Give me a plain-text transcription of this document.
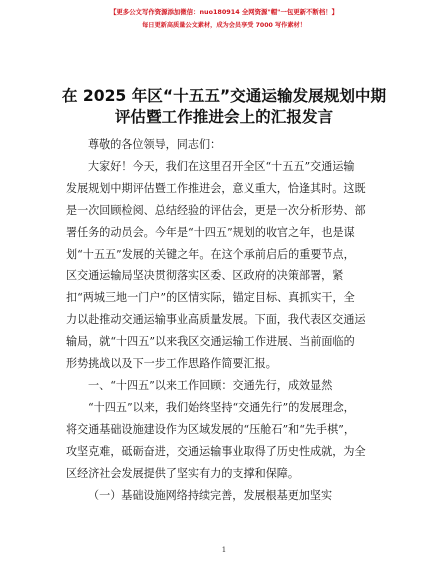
【更多公文写作资源添加微信：nuo180914 全网资源"帽"一包更新不断档！】
每日更新高质量公文素材，成为会员享受 7000 写作素材！
在 2025 年区“十五五”交通运输发展规划中期
评估暨工作推进会上的汇报发言

尊敬的各位领导，同志们：

大家好！今天，我们在这里召开全区“十五五”交通运输
发展规划中期评估暨工作推进会，意义重大，恰逢其时。这既
是一次回顾检阅、总结经验的评估会，更是一次分析形势、部
署任务的动员会。今年是“十四五”规划的收官之年，也是谋
划“十五五”发展的关键之年。在这个承前启后的重要节点，
区交通运输局坚决贯彻落实区委、区政府的决策部署，紧
扣“两城三地一门户”的区情实际，锚定目标、真抓实干，全
力以赴推动交通运输事业高质量发展。下面，我代表区交通运
输局，就“十四五”以来我区交通运输工作进展、当前面临的
形势挑战以及下一步工作思路作简要汇报。
一、“十四五”以来工作回顾：交通先行，成效显然
“十四五”以来，我们始终坚持“交通先行”的发展理念，
将交通基础设施建设作为区域发展的“压舱石”和“先手棋”，
攻坚克难，砥砺奋进，交通运输事业取得了历史性成就，为全
区经济社会发展提供了坚实有力的支撑和保障。
（一）基础设施网络持续完善，发展根基更加坚实
1
